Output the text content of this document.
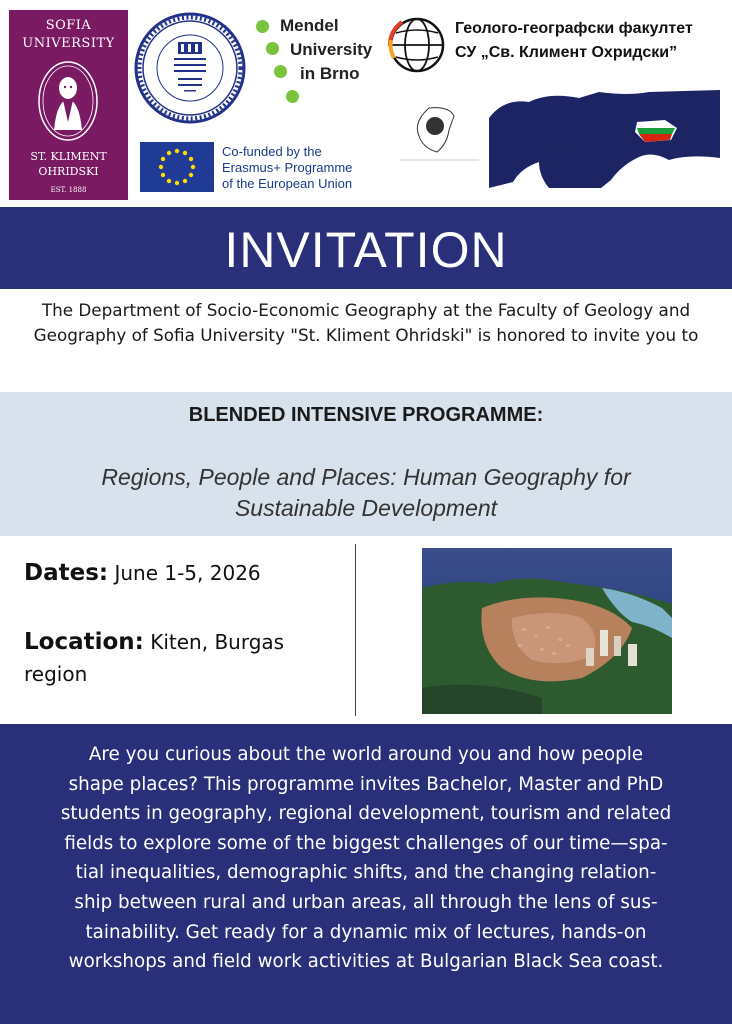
SOFIA
UNIVERSITY
ST. KLIMENT
OHRIDSKI
EST. 1888
Mendel
University
in Brno
Геолого-географски факултет
СУ „Св. Климент Охридски”
Co-funded by the
Erasmus+ Programme
of the European Union
INVITATION
The Department of Socio-Economic Geography at the Faculty of Geology and Geography of Sofia University "St. Kliment Ohridski" is honored to invite you to
BLENDED INTENSIVE PROGRAMME:
Regions, People and Places: Human Geography for Sustainable Development
Dates: June 1-5, 2026
Location: Kiten, Burgas region
Are you curious about the world around you and how people
shape places? This programme invites Bachelor, Master and PhD
students in geography, regional development, tourism and related
fields to explore some of the biggest challenges of our time—spa-
tial inequalities, demographic shifts, and the changing relation-
ship between rural and urban areas, all through the lens of sus-
tainability. Get ready for a dynamic mix of lectures, hands-on
workshops and field work activities at Bulgarian Black Sea coast.
